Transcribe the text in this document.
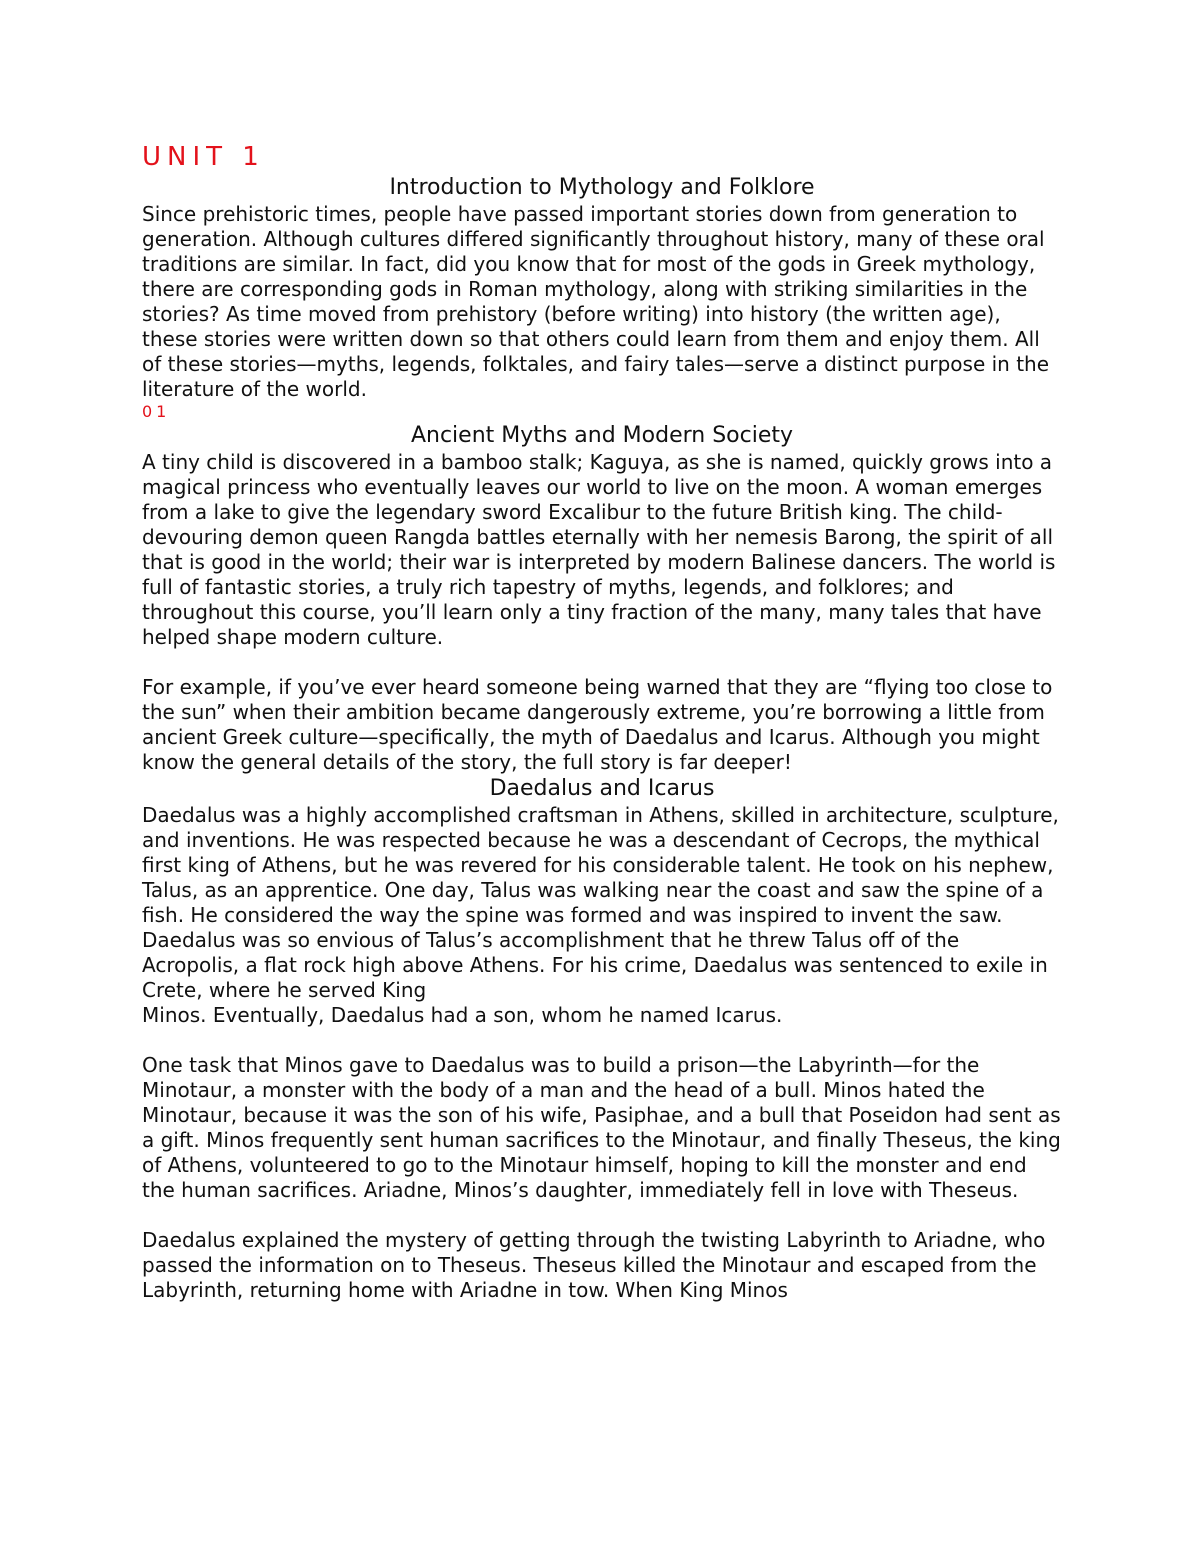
UNIT 1
Introduction to Mythology and Folklore

Since prehistoric times, people have passed important stories down from generation to generation. Although cultures differed significantly throughout history, many of these oral traditions are similar. In fact, did you know that for most of the gods in Greek mythology, there are corresponding gods in Roman mythology, along with striking similarities in the stories? As time moved from prehistory (before writing) into history (the written age), these stories were written down so that others could learn from them and enjoy them. All of these stories—myths, legends, folktales, and fairy tales—serve a distinct purpose in the literature of the world.

01
Ancient Myths and Modern Society

A tiny child is discovered in a bamboo stalk; Kaguya, as she is named, quickly grows into a magical princess who eventually leaves our world to live on the moon. A woman emerges from a lake to give the legendary sword Excalibur to the future British king. The child-devouring demon queen Rangda battles eternally with her nemesis Barong, the spirit of all that is good in the world; their war is interpreted by modern Balinese dancers. The world is full of fantastic stories, a truly rich tapestry of myths, legends, and folklores; and throughout this course, you’ll learn only a tiny fraction of the many, many tales that have helped shape modern culture.

For example, if you’ve ever heard someone being warned that they are “flying too close to the sun” when their ambition became dangerously extreme, you’re borrowing a little from ancient Greek culture—specifically, the myth of Daedalus and Icarus. Although you might know the general details of the story, the full story is far deeper!

Daedalus and Icarus

Daedalus was a highly accomplished craftsman in Athens, skilled in architecture, sculpture, and inventions. He was respected because he was a descendant of Cecrops, the mythical first king of Athens, but he was revered for his considerable talent. He took on his nephew, Talus, as an apprentice. One day, Talus was walking near the coast and saw the spine of a fish. He considered the way the spine was formed and was inspired to invent the saw. Daedalus was so envious of Talus’s accomplishment that he threw Talus off of the Acropolis, a flat rock high above Athens. For his crime, Daedalus was sentenced to exile in Crete, where he served King

Minos. Eventually, Daedalus had a son, whom he named Icarus.

One task that Minos gave to Daedalus was to build a prison—the Labyrinth—for the Minotaur, a monster with the body of a man and the head of a bull. Minos hated the Minotaur, because it was the son of his wife, Pasiphae, and a bull that Poseidon had sent as a gift. Minos frequently sent human sacrifices to the Minotaur, and finally Theseus, the king of Athens, volunteered to go to the Minotaur himself, hoping to kill the monster and end the human sacrifices. Ariadne, Minos’s daughter, immediately fell in love with Theseus.

Daedalus explained the mystery of getting through the twisting Labyrinth to Ariadne, who passed the information on to Theseus. Theseus killed the Minotaur and escaped from the Labyrinth, returning home with Ariadne in tow. When King Minos
